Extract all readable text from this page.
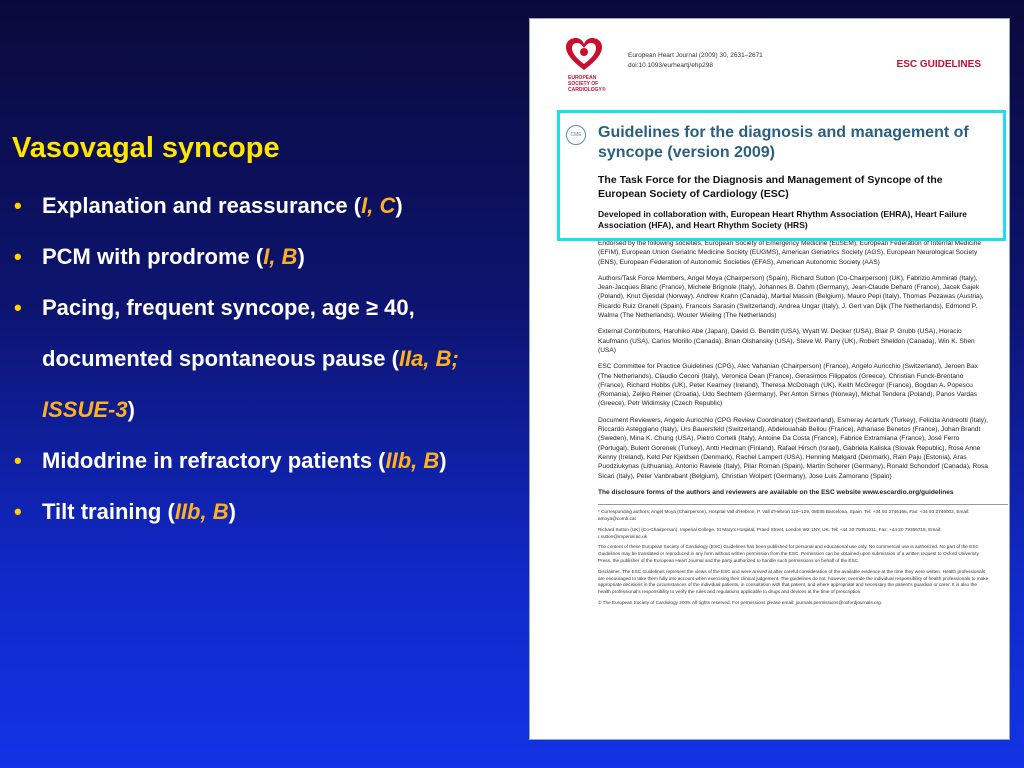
Vasovagal syncope
• Explanation and reassurance (I, C)
• PCM with prodrome (I, B)
• Pacing, frequent syncope, age ≥ 40, documented spontaneous pause (IIa, B; ISSUE-3)
• Midodrine in refractory patients (IIb, B)
• Tilt training (IIb, B)
EUROPEAN SOCIETY OF CARDIOLOGY®
European Heart Journal (2009) 30, 2631–2671
doi:10.1093/eurheartj/ehp298	ESC GUIDELINES
CME Guidelines for the diagnosis and management of syncope (version 2009)
The Task Force for the Diagnosis and Management of Syncope of the European Society of Cardiology (ESC)
Developed in collaboration with, European Heart Rhythm Association (EHRA), Heart Failure Association (HFA), and Heart Rhythm Society (HRS)
Endorsed by the following societies, European Society of Emergency Medicine (EuSEM), European Federation of Internal Medicine (EFIM), European Union Geriatric Medicine Society (EUGMS), American Geriatrics Society (AGS), European Neurological Society (ENS), European Federation of Autonomic Societies (EFAS), American Autonomic Society (AAS)
Authors/Task Force Members, Angel Moya (Chairperson) (Spain), Richard Sutton (Co-Chairperson) (UK), Fabrizio Ammirati (Italy), Jean-Jacques Blanc (France), Michele Brignole (Italy), Johannes B. Dahm (Germany), Jean-Claude Deharo (France), Jacek Gajek (Poland), Knut Gjesdal (Norway), Andrew Krahn (Canada), Martial Massin (Belgium), Mauro Pepi (Italy), Thomas Pezawas (Austria), Ricardo Ruiz Granell (Spain), Francois Sarasin (Switzerland), Andrea Ungar (Italy), J. Gert van Dijk (The Netherlands), Edmond P. Walma (The Netherlands), Wouter Wieling (The Netherlands)
External Contributors, Haruhiko Abe (Japan), David G. Benditt (USA), Wyatt W. Decker (USA), Blair P. Grubb (USA), Horacio Kaufmann (USA), Carlos Morillo (Canada), Brian Olshansky (USA), Steve W. Parry (UK), Robert Sheldon (Canada), Win K. Shen (USA)
ESC Committee for Practice Guidelines (CPG), Alec Vahanian (Chairperson) (France), Angelo Auricchio (Switzerland), Jeroen Bax (The Netherlands), Claudio Ceconi (Italy), Veronica Dean (France), Gerasimos Filippatos (Greece), Christian Funck-Brentano (France), Richard Hobbs (UK), Peter Kearney (Ireland), Theresa McDonagh (UK), Keith McGregor (France), Bogdan A. Popescu (Romania), Zeljko Reiner (Croatia), Udo Sechtem (Germany), Per Anton Sirnes (Norway), Michal Tendera (Poland), Panos Vardas (Greece), Petr Widimsky (Czech Republic)
Document Reviewers, Angelo Auricchio (CPG Review Coordinator) (Switzerland), Esmeray Acarturk (Turkey), Felicita Andreotti (Italy), Riccardo Asteggiano (Italy), Urs Bauersfeld (Switzerland), Abdelouahab Bellou (France), Athanase Benetos (France), Johan Brandt (Sweden), Mina K. Chung (USA), Pietro Cortelli (Italy), Antoine Da Costa (France), Fabrice Extramiana (France), José Ferro (Portugal), Bulent Gorenek (Turkey), Antti Hedman (Finland), Rafael Hirsch (Israel), Gabriela Kaliska (Slovak Republic), Rose Anne Kenny (Ireland), Keld Per Kjeldsen (Denmark), Rachel Lampert (USA), Henning Mølgard (Denmark), Rain Paju (Estonia), Aras Puodziukynas (Lithuania), Antonio Raviele (Italy), Pilar Roman (Spain), Martin Scherer (Germany), Ronald Schondorf (Canada), Rosa Sicari (Italy), Peter Vanbrabant (Belgium), Christian Wolpert (Germany), Jose Luis Zamorano (Spain)
The disclosure forms of the authors and reviewers are available on the ESC website www.escardio.org/guidelines
* Corresponding authors: Angel Moya (Chairperson), Hospital Vall d'Hebron, P. Vall d'Hebron 119–129, 08035 Barcelona, Spain. Tel: +34 93 2746166, Fax: +34 93 2746002, Email: amoya@comb.cat
Richard Sutton (UK) (Co-Chairperson), Imperial College, St Mary's Hospital, Praed Street, London W2 1NY, UK. Tel: +44 20 79351011, Fax: +44 20 79356718, Email: r.sutton@imperial.ac.uk
The content of these European Society of Cardiology (ESC) Guidelines has been published for personal and educational use only. No commercial use is authorized. No part of the ESC Guidelines may be translated or reproduced in any form without written permission from the ESC. Permission can be obtained upon submission of a written request to Oxford University Press, the publisher of the European Heart Journal and the party authorized to handle such permissions on behalf of the ESC.
Disclaimer. The ESC Guidelines represent the views of the ESC and were arrived at after careful consideration of the available evidence at the time they were written. Health professionals are encouraged to take them fully into account when exercising their clinical judgement. The guidelines do not, however, override the individual responsibility of health professionals to make appropriate decisions in the circumstances of the individual patients, in consultation with that patient, and where appropriate and necessary the patient's guardian or carer. It is also the health professional's responsibility to verify the rules and regulations applicable to drugs and devices at the time of prescription.
© The European Society of Cardiology 2009. All rights reserved. For permissions please email: journals.permissions@oxfordjournals.org.
